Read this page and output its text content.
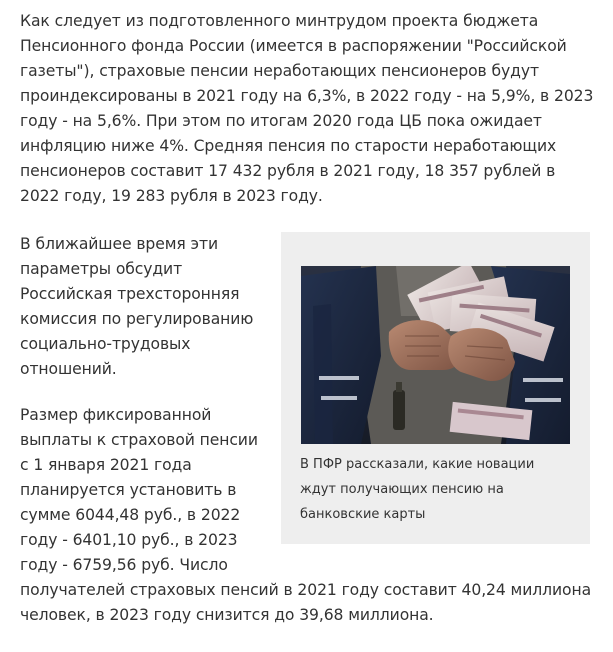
Как следует из подготовленного минтрудом проекта бюджета Пенсионного фонда России (имеется в распоряжении "Российской газеты"), страховые пенсии неработающих пенсионеров будут проиндексированы в 2021 году на 6,3%, в 2022 году - на 5,9%, в 2023 году - на 5,6%. При этом по итогам 2020 года ЦБ пока ожидает инфляцию ниже 4%. Средняя пенсия по старости неработающих пенсионеров составит 17 432 рубля в 2021 году, 18 357 рублей в 2022 году, 19 283 рубля в 2023 году.

В ближайшее время эти параметры обсудит Российская трехсторонняя комиссия по регулированию социально-трудовых отношений.

Размер фиксированной выплаты к страховой пенсии с 1 января 2021 года планируется установить в сумме 6044,48 руб., в 2022 году - 6401,10 руб., в 2023 году - 6759,56 руб. Число

получателей страховых пенсий в 2021 году составит 40,24 миллиона человек, в 2023 году снизится до 39,68 миллиона.

В ПФР рассказали, какие новации ждут получающих пенсию на банковские карты
